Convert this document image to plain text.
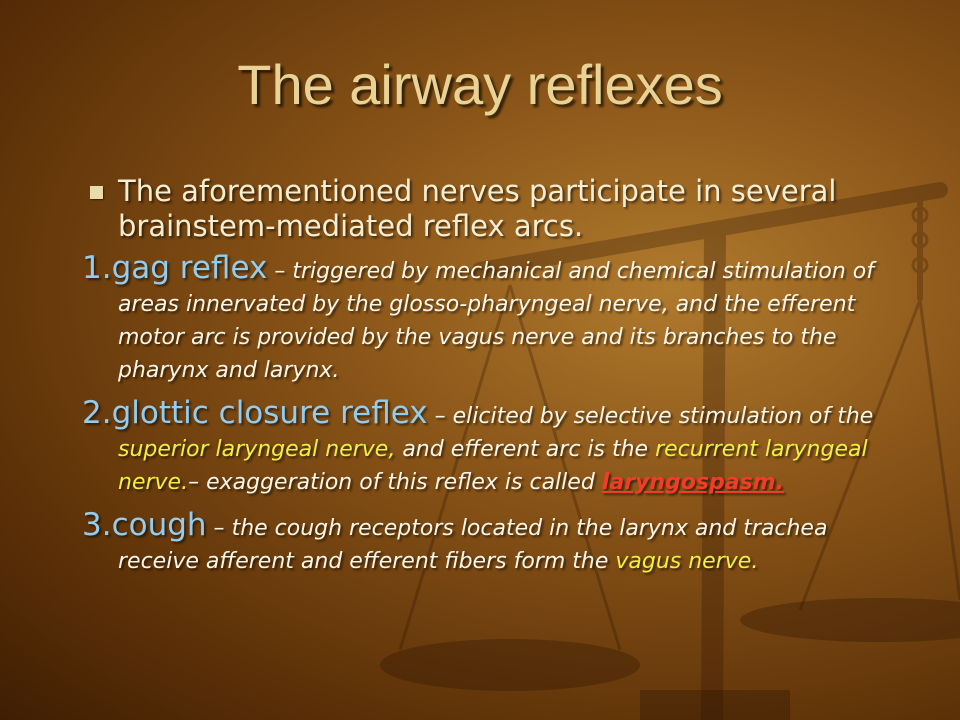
The airway reflexes

The aforementioned nerves participate in several brainstem-mediated reflex arcs.

1.gag reflex – triggered by mechanical and chemical stimulation of areas innervated by the glosso-pharyngeal nerve, and the efferent motor arc is provided by the vagus nerve and its branches to the pharynx and larynx.

2.glottic closure reflex – elicited by selective stimulation of the superior laryngeal nerve, and efferent arc is the recurrent laryngeal nerve.– exaggeration of this reflex is called laryngospasm.

3.cough – the cough receptors located in the larynx and trachea receive afferent and efferent fibers form the vagus nerve.
